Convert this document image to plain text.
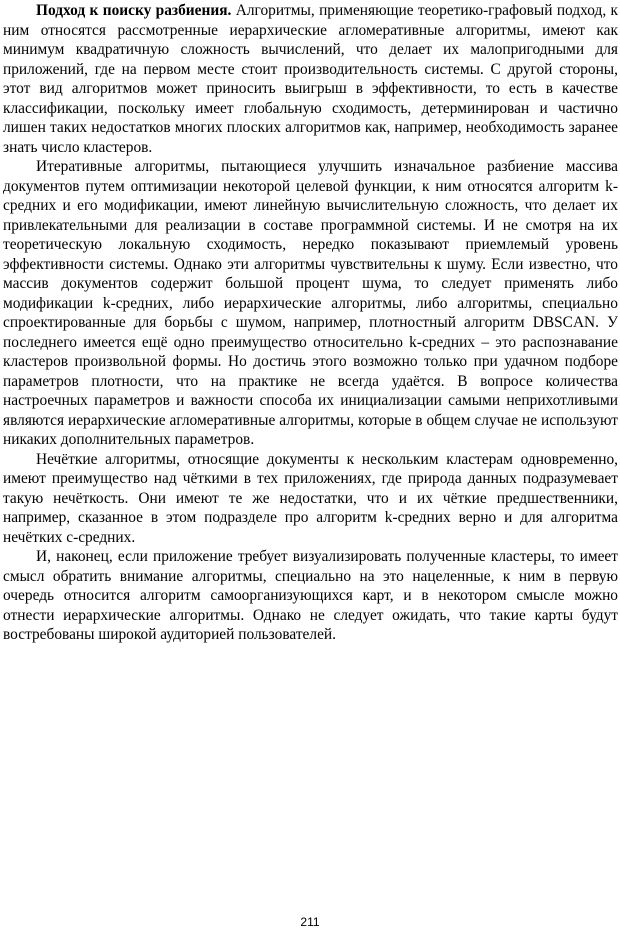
Подход к поиску разбиения. Алгоритмы, применяющие теоретико-графовый подход, к ним относятся рассмотренные иерархические агломеративные алгоритмы, имеют как минимум квадратичную сложность вычислений, что делает их малопригодными для приложений, где на первом месте стоит производительность системы. С другой стороны, этот вид алгоритмов может приносить выигрыш в эффективности, то есть в качестве классификации, поскольку имеет глобальную сходимость, детерминирован и частично лишен таких недостатков многих плоских алгоритмов как, например, необходимость заранее знать число кластеров.

Итеративные алгоритмы, пытающиеся улучшить изначальное разбиение массива документов путем оптимизации некоторой целевой функции, к ним относятся алгоритм k-средних и его модификации, имеют линейную вычислительную сложность, что делает их привлекательными для реализации в составе программной системы. И не смотря на их теоретическую локальную сходимость, нередко показывают приемлемый уровень эффективности системы. Однако эти алгоритмы чувствительны к шуму. Если известно, что массив документов содержит большой процент шума, то следует применять либо модификации k-средних, либо иерархические алгоритмы, либо алгоритмы, специально спроектированные для борьбы с шумом, например, плотностный алгоритм DBSCAN. У последнего имеется ещё одно преимущество относительно k-средних – это распознавание кластеров произвольной формы. Но достичь этого возможно только при удачном подборе параметров плотности, что на практике не всегда удаётся. В вопросе количества настроечных параметров и важности способа их инициализации самыми неприхотливыми являются иерархические агломеративные алгоритмы, которые в общем случае не используют никаких дополнительных параметров.

Нечёткие алгоритмы, относящие документы к нескольким кластерам одновременно, имеют преимущество над чёткими в тех приложениях, где природа данных подразумевает такую нечёткость. Они имеют те же недостатки, что и их чёткие предшественники, например, сказанное в этом подразделе про алгоритм k-средних верно и для алгоритма нечётких c-средних.

И, наконец, если приложение требует визуализировать полученные кластеры, то имеет смысл обратить внимание алгоритмы, специально на это нацеленные, к ним в первую очередь относится алгоритм самоорганизующихся карт, и в некотором смысле можно отнести иерархические алгоритмы. Однако не следует ожидать, что такие карты будут востребованы широкой аудиторией пользователей.

211
